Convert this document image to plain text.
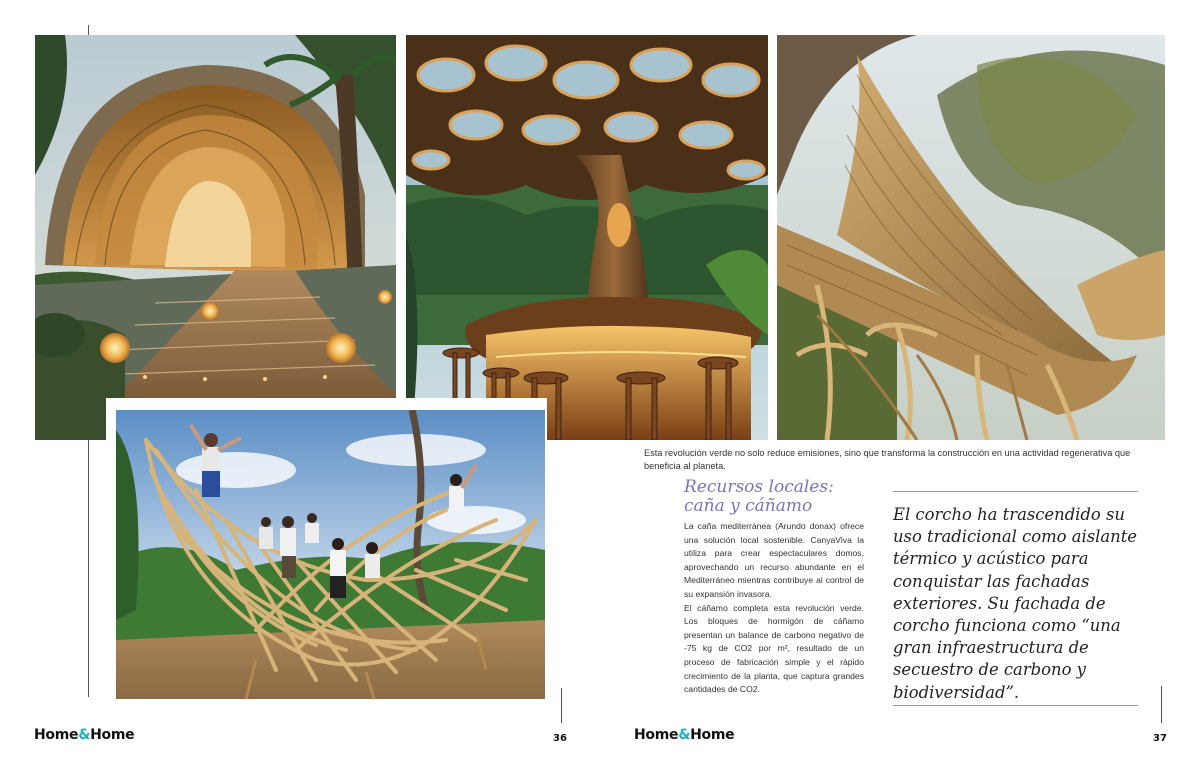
Esta revolución verde no solo reduce emisiones, sino que transforma la construcción en una actividad regenerativa que beneficia al planeta.
Recursos locales: caña y cáñamo

La caña mediterránea (Arundo donax) ofrece una solución local sostenible. CanyaViva la utiliza para crear espectaculares domos, aprovechando un recurso abundante en el Mediterráneo mientras contribuye al control de su expansión invasora.

El cáñamo completa esta revolución verde. Los bloques de hormigón de cáñamo presentan un balance de carbono negativo de -75 kg de CO2 por m², resultado de un proceso de fabricación simple y el rápido crecimiento de la planta, que captura grandes cantidades de CO2.

El corcho ha trascendido su uso tradicional como aislante térmico y acústico para conquistar las fachadas exteriores. Su fachada de corcho funciona como “una gran infraestructura de secuestro de carbono y biodiversidad”.
Home&Home	36	Home&Home	37
